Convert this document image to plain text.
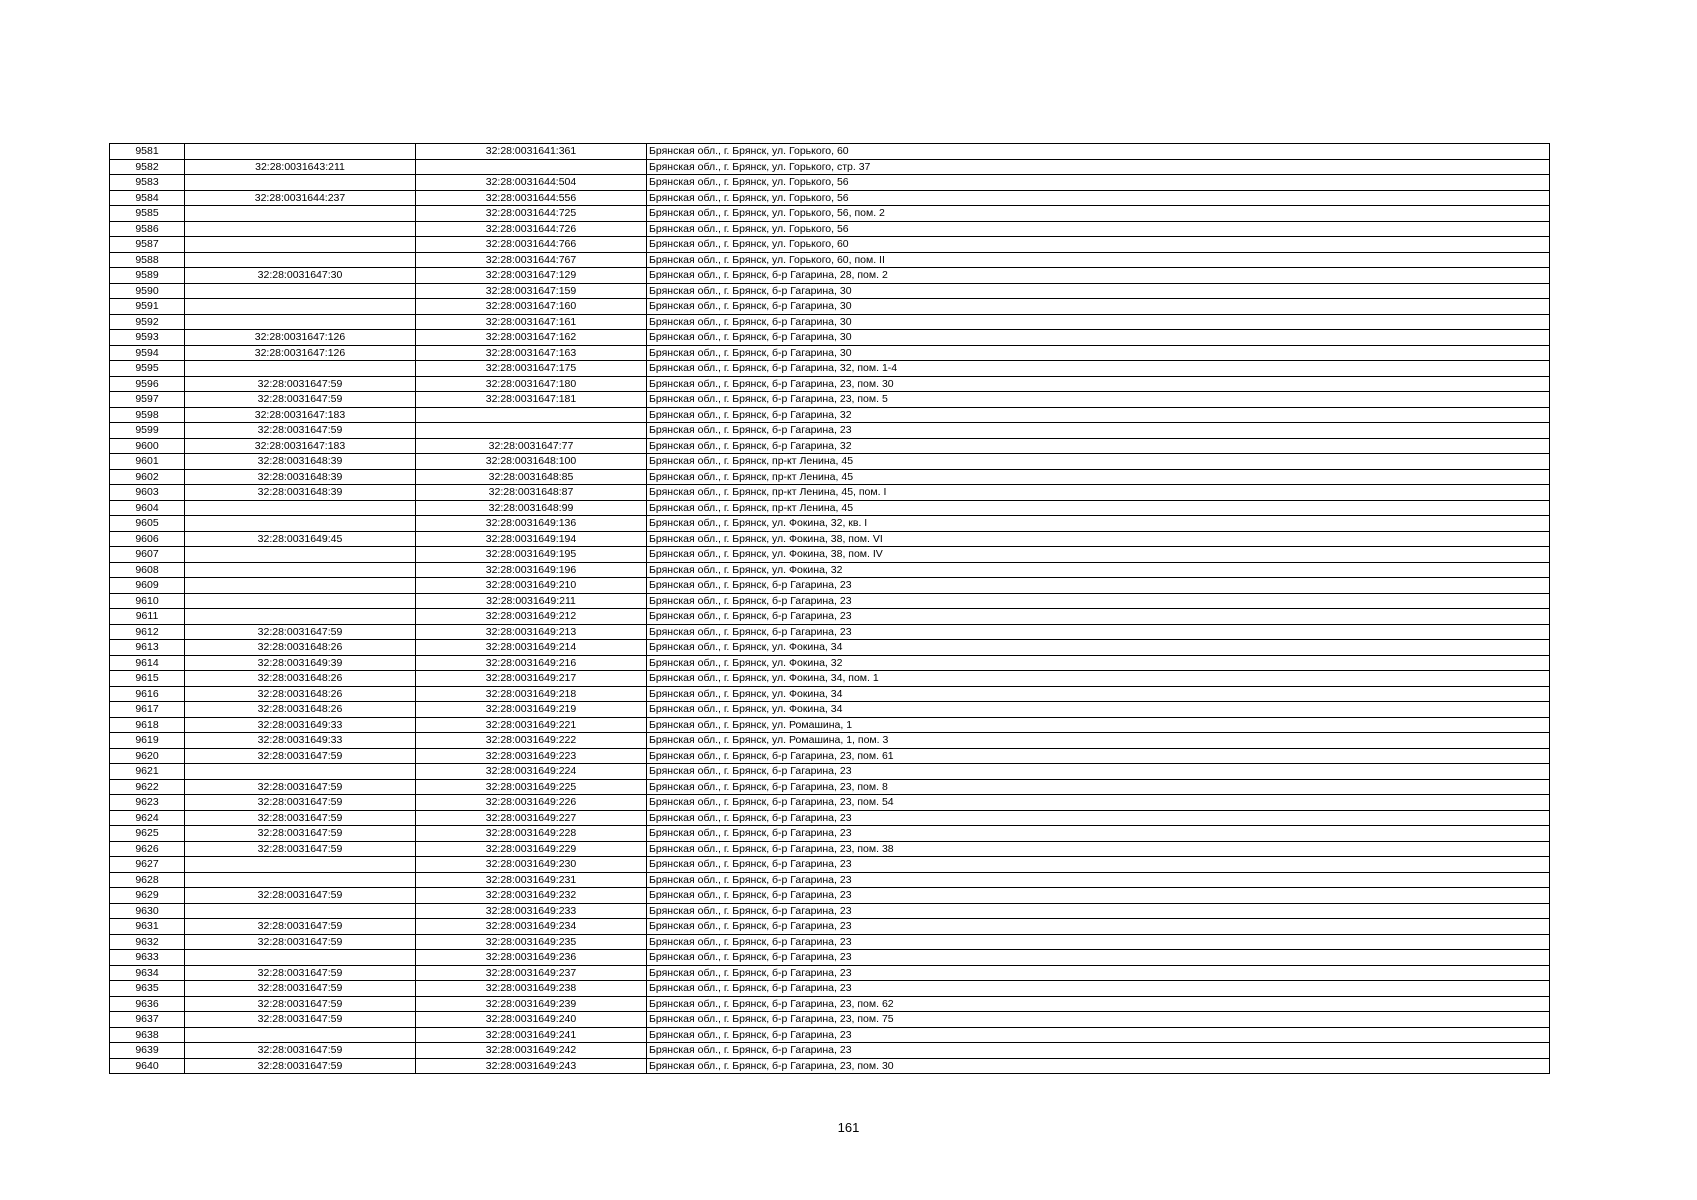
9581		32:28:0031641:361	Брянская обл., г. Брянск, ул. Горького, 60
9582	32:28:0031643:211		Брянская обл., г. Брянск, ул. Горького, стр. 37
9583		32:28:0031644:504	Брянская обл., г. Брянск, ул. Горького, 56
9584	32:28:0031644:237	32:28:0031644:556	Брянская обл., г. Брянск, ул. Горького, 56
9585		32:28:0031644:725	Брянская обл., г. Брянск, ул. Горького, 56, пом. 2
9586		32:28:0031644:726	Брянская обл., г. Брянск, ул. Горького, 56
9587		32:28:0031644:766	Брянская обл., г. Брянск, ул. Горького, 60
9588		32:28:0031644:767	Брянская обл., г. Брянск, ул. Горького, 60, пом. II
9589	32:28:0031647:30	32:28:0031647:129	Брянская обл., г. Брянск, б-р Гагарина, 28, пом. 2
9590		32:28:0031647:159	Брянская обл., г. Брянск, б-р Гагарина, 30
9591		32:28:0031647:160	Брянская обл., г. Брянск, б-р Гагарина, 30
9592		32:28:0031647:161	Брянская обл., г. Брянск, б-р Гагарина, 30
9593	32:28:0031647:126	32:28:0031647:162	Брянская обл., г. Брянск, б-р Гагарина, 30
9594	32:28:0031647:126	32:28:0031647:163	Брянская обл., г. Брянск, б-р Гагарина, 30
9595		32:28:0031647:175	Брянская обл., г. Брянск, б-р Гагарина, 32, пом. 1-4
9596	32:28:0031647:59	32:28:0031647:180	Брянская обл., г. Брянск, б-р Гагарина, 23, пом. 30
9597	32:28:0031647:59	32:28:0031647:181	Брянская обл., г. Брянск, б-р Гагарина, 23, пом. 5
9598	32:28:0031647:183		Брянская обл., г. Брянск, б-р Гагарина, 32
9599	32:28:0031647:59		Брянская обл., г. Брянск, б-р Гагарина, 23
9600	32:28:0031647:183	32:28:0031647:77	Брянская обл., г. Брянск, б-р Гагарина, 32
9601	32:28:0031648:39	32:28:0031648:100	Брянская обл., г. Брянск, пр-кт Ленина, 45
9602	32:28:0031648:39	32:28:0031648:85	Брянская обл., г. Брянск, пр-кт Ленина, 45
9603	32:28:0031648:39	32:28:0031648:87	Брянская обл., г. Брянск, пр-кт Ленина, 45, пом. I
9604		32:28:0031648:99	Брянская обл., г. Брянск, пр-кт Ленина, 45
9605		32:28:0031649:136	Брянская обл., г. Брянск, ул. Фокина, 32, кв. I
9606	32:28:0031649:45	32:28:0031649:194	Брянская обл., г. Брянск, ул. Фокина, 38, пом. VI
9607		32:28:0031649:195	Брянская обл., г. Брянск, ул. Фокина, 38, пом. IV
9608		32:28:0031649:196	Брянская обл., г. Брянск, ул. Фокина, 32
9609		32:28:0031649:210	Брянская обл., г. Брянск, б-р Гагарина, 23
9610		32:28:0031649:211	Брянская обл., г. Брянск, б-р Гагарина, 23
9611		32:28:0031649:212	Брянская обл., г. Брянск, б-р Гагарина, 23
9612	32:28:0031647:59	32:28:0031649:213	Брянская обл., г. Брянск, б-р Гагарина, 23
9613	32:28:0031648:26	32:28:0031649:214	Брянская обл., г. Брянск, ул. Фокина, 34
9614	32:28:0031649:39	32:28:0031649:216	Брянская обл., г. Брянск, ул. Фокина, 32
9615	32:28:0031648:26	32:28:0031649:217	Брянская обл., г. Брянск, ул. Фокина, 34, пом. 1
9616	32:28:0031648:26	32:28:0031649:218	Брянская обл., г. Брянск, ул. Фокина, 34
9617	32:28:0031648:26	32:28:0031649:219	Брянская обл., г. Брянск, ул. Фокина, 34
9618	32:28:0031649:33	32:28:0031649:221	Брянская обл., г. Брянск, ул. Ромашина, 1
9619	32:28:0031649:33	32:28:0031649:222	Брянская обл., г. Брянск, ул. Ромашина, 1, пом. 3
9620	32:28:0031647:59	32:28:0031649:223	Брянская обл., г. Брянск, б-р Гагарина, 23, пом. 61
9621		32:28:0031649:224	Брянская обл., г. Брянск, б-р Гагарина, 23
9622	32:28:0031647:59	32:28:0031649:225	Брянская обл., г. Брянск, б-р Гагарина, 23, пом. 8
9623	32:28:0031647:59	32:28:0031649:226	Брянская обл., г. Брянск, б-р Гагарина, 23, пом. 54
9624	32:28:0031647:59	32:28:0031649:227	Брянская обл., г. Брянск, б-р Гагарина, 23
9625	32:28:0031647:59	32:28:0031649:228	Брянская обл., г. Брянск, б-р Гагарина, 23
9626	32:28:0031647:59	32:28:0031649:229	Брянская обл., г. Брянск, б-р Гагарина, 23, пом. 38
9627		32:28:0031649:230	Брянская обл., г. Брянск, б-р Гагарина, 23
9628		32:28:0031649:231	Брянская обл., г. Брянск, б-р Гагарина, 23
9629	32:28:0031647:59	32:28:0031649:232	Брянская обл., г. Брянск, б-р Гагарина, 23
9630		32:28:0031649:233	Брянская обл., г. Брянск, б-р Гагарина, 23
9631	32:28:0031647:59	32:28:0031649:234	Брянская обл., г. Брянск, б-р Гагарина, 23
9632	32:28:0031647:59	32:28:0031649:235	Брянская обл., г. Брянск, б-р Гагарина, 23
9633		32:28:0031649:236	Брянская обл., г. Брянск, б-р Гагарина, 23
9634	32:28:0031647:59	32:28:0031649:237	Брянская обл., г. Брянск, б-р Гагарина, 23
9635	32:28:0031647:59	32:28:0031649:238	Брянская обл., г. Брянск, б-р Гагарина, 23
9636	32:28:0031647:59	32:28:0031649:239	Брянская обл., г. Брянск, б-р Гагарина, 23, пом. 62
9637	32:28:0031647:59	32:28:0031649:240	Брянская обл., г. Брянск, б-р Гагарина, 23, пом. 75
9638		32:28:0031649:241	Брянская обл., г. Брянск, б-р Гагарина, 23
9639	32:28:0031647:59	32:28:0031649:242	Брянская обл., г. Брянск, б-р Гагарина, 23
9640	32:28:0031647:59	32:28:0031649:243	Брянская обл., г. Брянск, б-р Гагарина, 23, пом. 30
161
